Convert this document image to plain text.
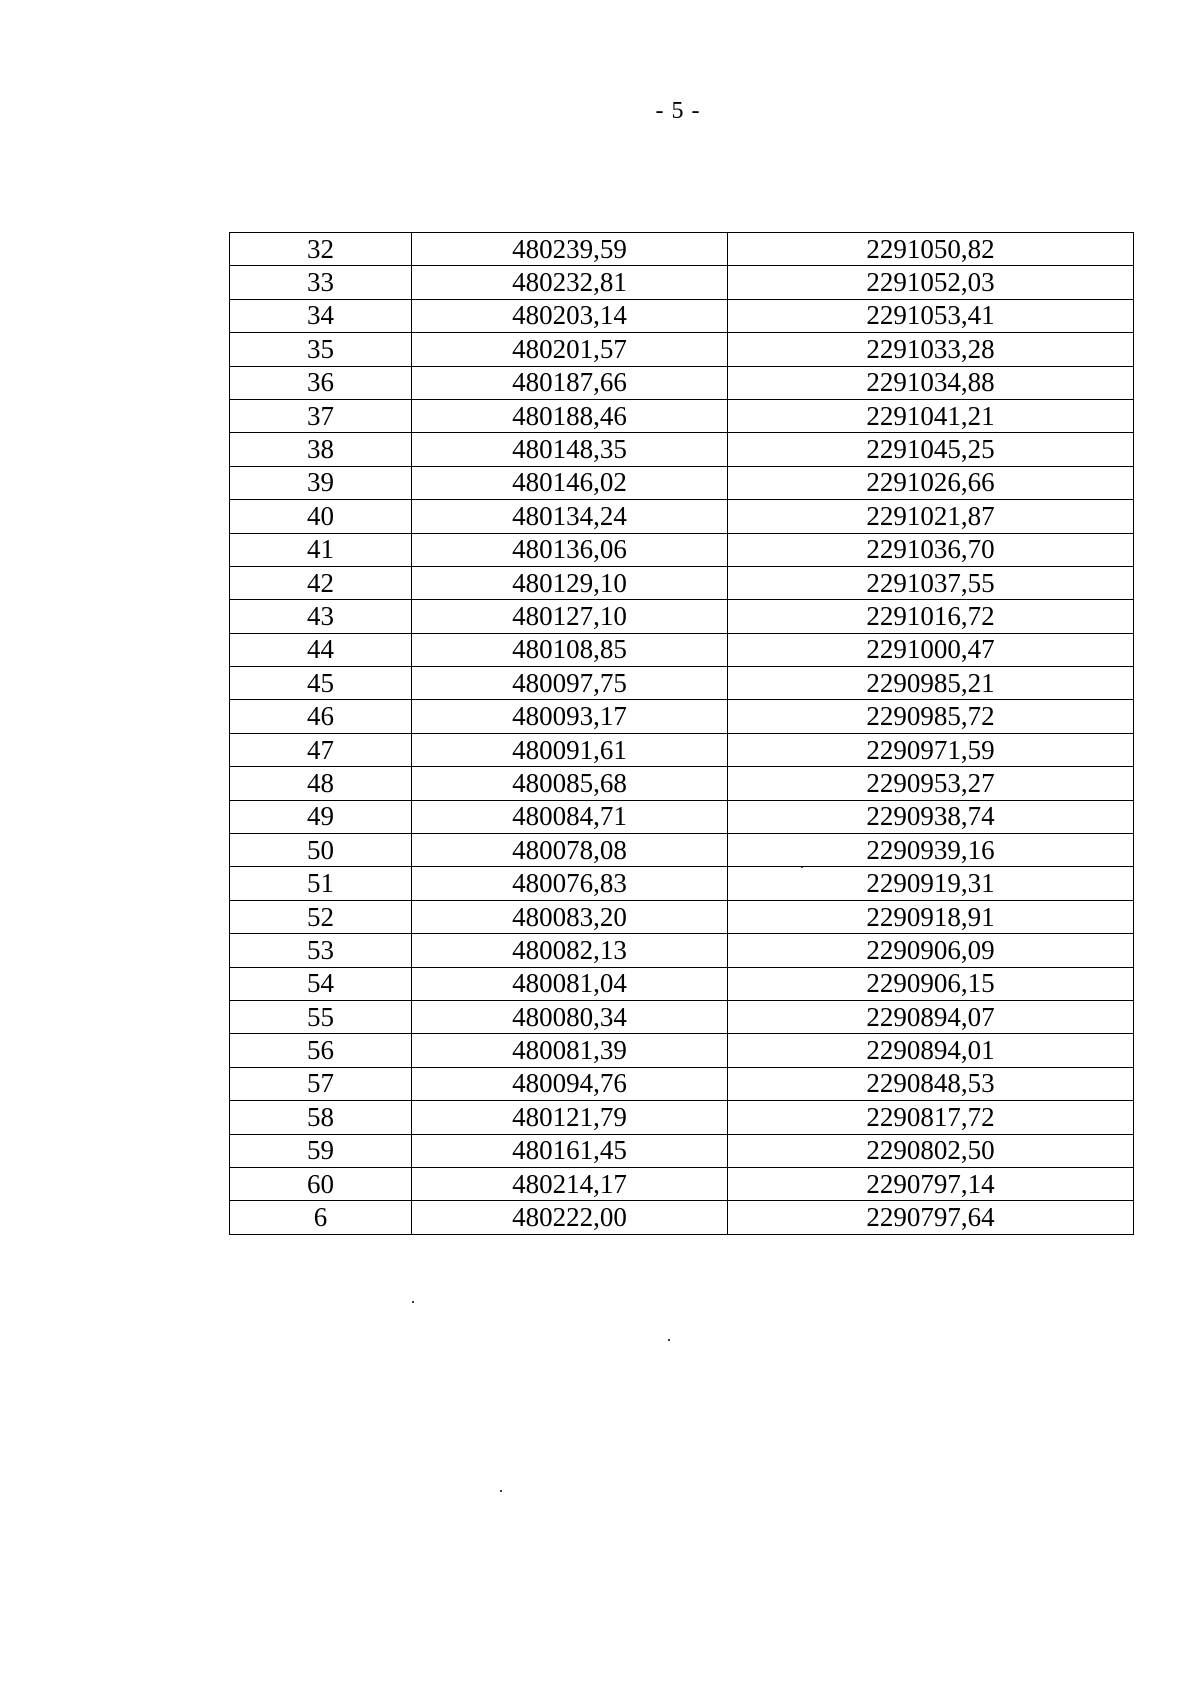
- 5 -
32	480239,59	2291050,82
33	480232,81	2291052,03
34	480203,14	2291053,41
35	480201,57	2291033,28
36	480187,66	2291034,88
37	480188,46	2291041,21
38	480148,35	2291045,25
39	480146,02	2291026,66
40	480134,24	2291021,87
41	480136,06	2291036,70
42	480129,10	2291037,55
43	480127,10	2291016,72
44	480108,85	2291000,47
45	480097,75	2290985,21
46	480093,17	2290985,72
47	480091,61	2290971,59
48	480085,68	2290953,27
49	480084,71	2290938,74
50	480078,08	2290939,16
51	480076,83	2290919,31
52	480083,20	2290918,91
53	480082,13	2290906,09
54	480081,04	2290906,15
55	480080,34	2290894,07
56	480081,39	2290894,01
57	480094,76	2290848,53
58	480121,79	2290817,72
59	480161,45	2290802,50
60	480214,17	2290797,14
6	480222,00	2290797,64
